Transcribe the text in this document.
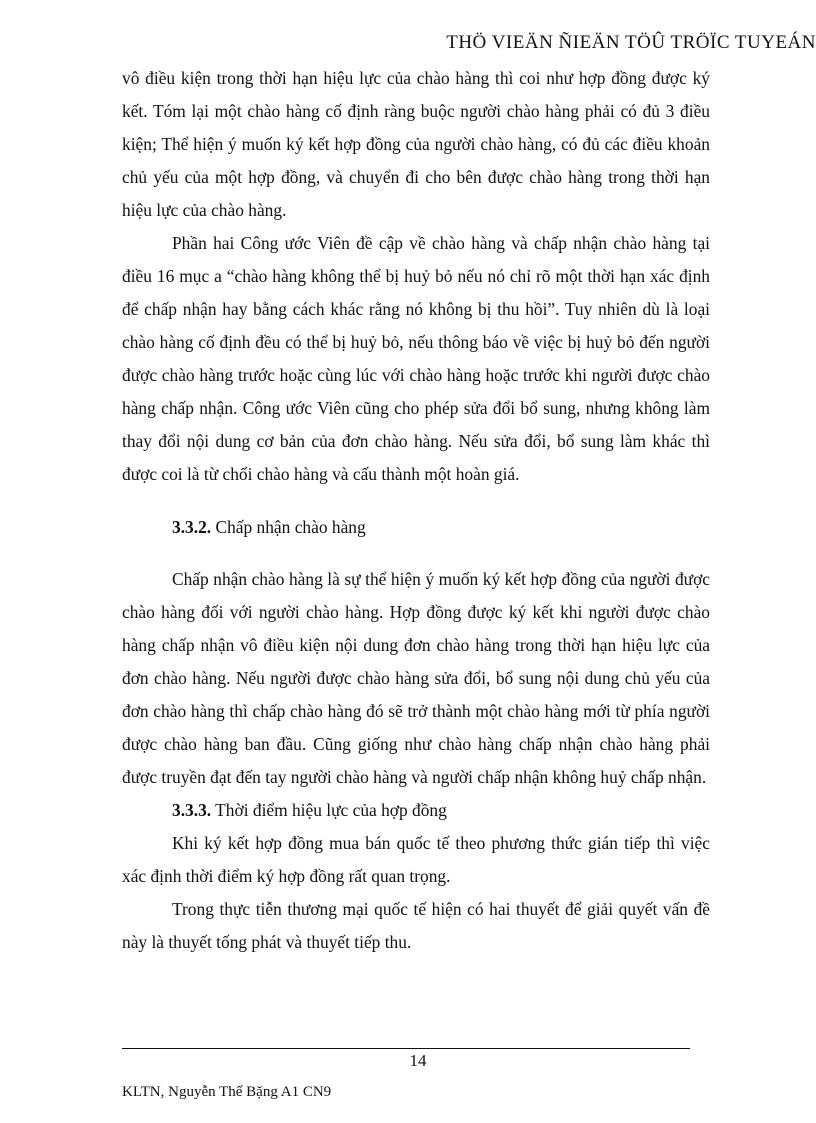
THÖ VIEÄN ÑIEÄN TÖÛ TRÖÏC TUYEÁN

vô điều kiện trong thời hạn hiệu lực của chào hàng thì coi như hợp đồng được ký kết. Tóm lại một chào hàng cố định ràng buộc người chào hàng phải có đủ 3 điều kiện; Thể hiện ý muốn ký kết hợp đồng của người chào hàng, có đủ các điều khoản chủ yếu của một hợp đồng, và chuyển đi cho bên được chào hàng trong thời hạn hiệu lực của chào hàng.

Phần hai Công ước Viên đề cập về chào hàng và chấp nhận chào hàng tại điều 16 mục a “chào hàng không thể bị huỷ bỏ nếu nó chỉ rõ một thời hạn xác định để chấp nhận hay bằng cách khác rằng nó không bị thu hồi”. Tuy nhiên dù là loại chào hàng cố định đều có thể bị huỷ bỏ, nếu thông báo về việc bị huỷ bỏ đến người được chào hàng trước hoặc cùng lúc với chào hàng hoặc trước khi người được chào hàng chấp nhận. Công ước Viên cũng cho phép sửa đổi bổ sung, nhưng không làm thay đổi nội dung cơ bản của đơn chào hàng. Nếu sửa đổi, bổ sung làm khác thì được coi là từ chối chào hàng và cấu thành một hoàn giá.

3.3.2. Chấp nhận chào hàng

Chấp nhận chào hàng là sự thể hiện ý muốn ký kết hợp đồng của người được chào hàng đối với người chào hàng. Hợp đồng được ký kết khi người được chào hàng chấp nhận vô điều kiện nội dung đơn chào hàng trong thời hạn hiệu lực của đơn chào hàng. Nếu người được chào hàng sửa đổi, bổ sung nội dung chủ yếu của đơn chào hàng thì chấp chào hàng đó sẽ trở thành một chào hàng mới từ phía người được chào hàng ban đầu. Cũng giống như chào hàng chấp nhận chào hàng phải được truyền đạt đến tay người chào hàng và người chấp nhận không huỷ chấp nhận.

3.3.3. Thời điểm hiệu lực của hợp đồng

Khi ký kết hợp đồng mua bán quốc tế theo phương thức gián tiếp thì việc xác định thời điểm ký hợp đồng rất quan trọng.

Trong thực tiễn thương mại quốc tế hiện có hai thuyết để giải quyết vấn đề này là thuyết tống phát và thuyết tiếp thu.

14
KLTN, Nguyễn Thế Bặng A1 CN9
